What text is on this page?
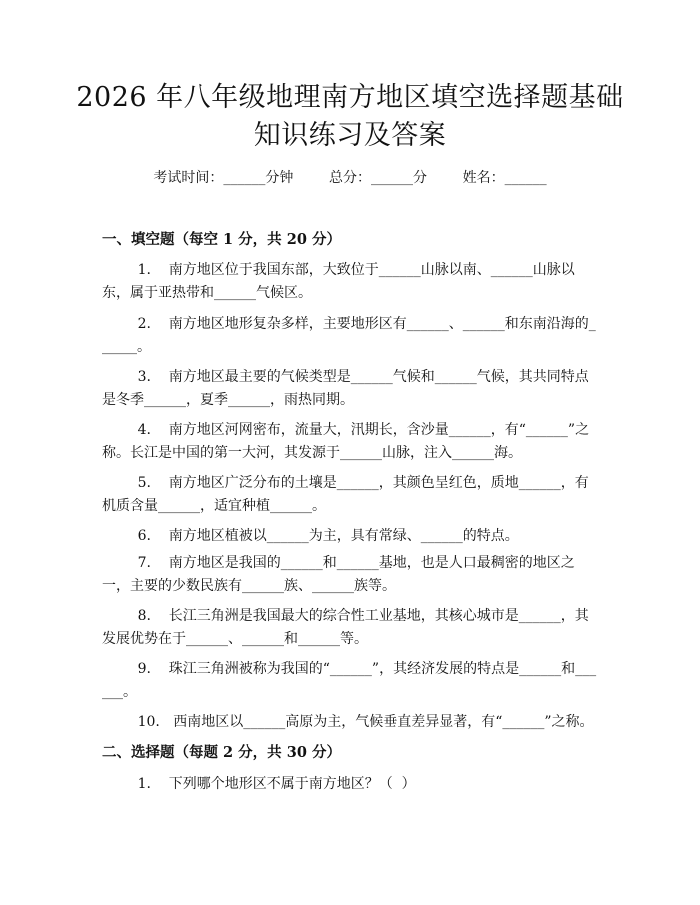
2026 年八年级地理南方地区填空选择题基础
知识练习及答案
考试时间：______分钟	总分：______分	姓名：______
一、填空题（每空 1 分，共 20 分）
1.    南方地区位于我国东部，大致位于______山脉以南、______山脉以东，属于亚热带和______气候区。
2.    南方地区地形复杂多样，主要地形区有______、______和东南沿海的______。
3.    南方地区最主要的气候类型是______气候和______气候，其共同特点是冬季______，夏季______，雨热同期。
4.    南方地区河网密布，流量大，汛期长，含沙量______，有“______”之称。长江是中国的第一大河，其发源于______山脉，注入______海。
5.    南方地区广泛分布的土壤是______，其颜色呈红色，质地______，有机质含量______，适宜种植______。
6.    南方地区植被以______为主，具有常绿、______的特点。
7.    南方地区是我国的______和______基地，也是人口最稠密的地区之一，主要的少数民族有______族、______族等。
8.    长江三角洲是我国最大的综合性工业基地，其核心城市是______，其发展优势在于______、______和______等。
9.    珠江三角洲被称为我国的“______”，其经济发展的特点是______和______。
10.   西南地区以______高原为主，气候垂直差异显著，有“______”之称。
二、选择题（每题 2 分，共 30 分）
1.    下列哪个地形区不属于南方地区？（  ）
